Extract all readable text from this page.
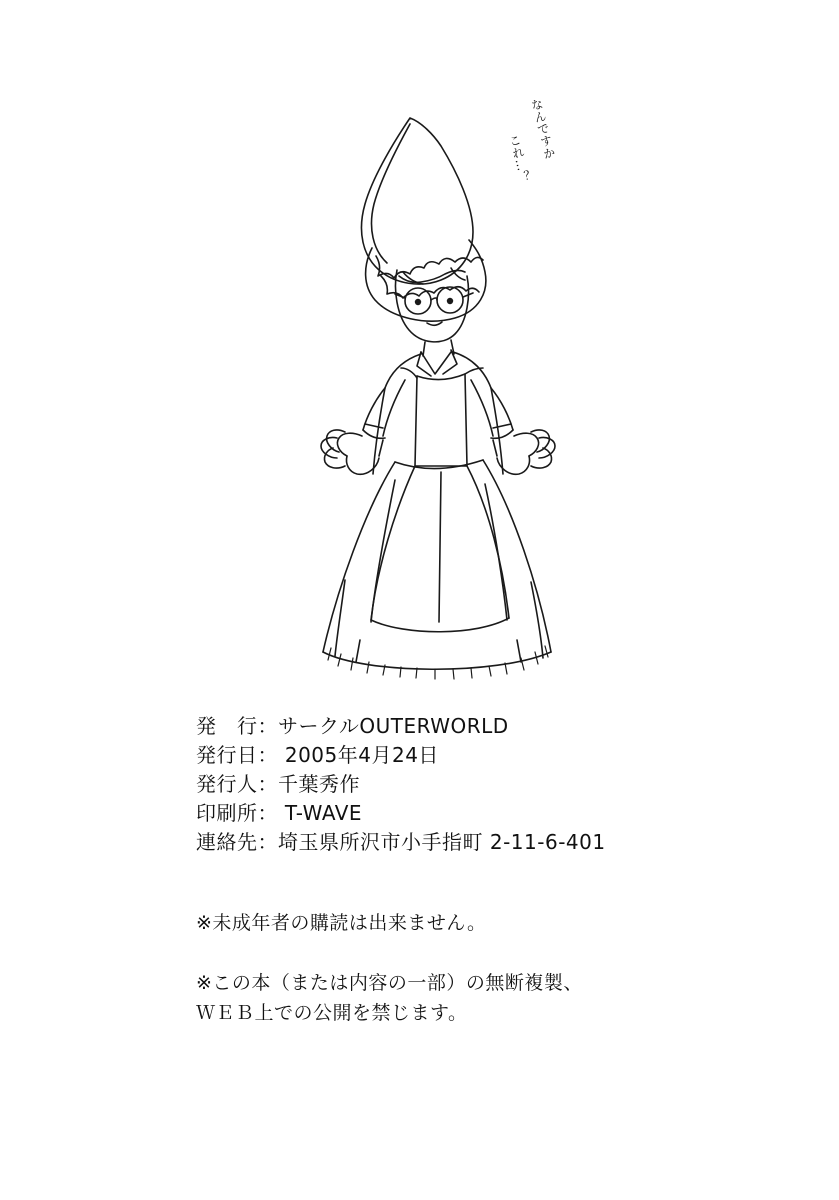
なんですか
これ…？
発　行：サークルOUTERWORLD
発行日： 2005年4月24日
発行人：千葉秀作
印刷所： T-WAVE
連絡先：埼玉県所沢市小手指町 2-11-6-401
※未成年者の購読は出来ません。
※この本（または内容の一部）の無断複製、
ＷＥＢ上での公開を禁じます。
